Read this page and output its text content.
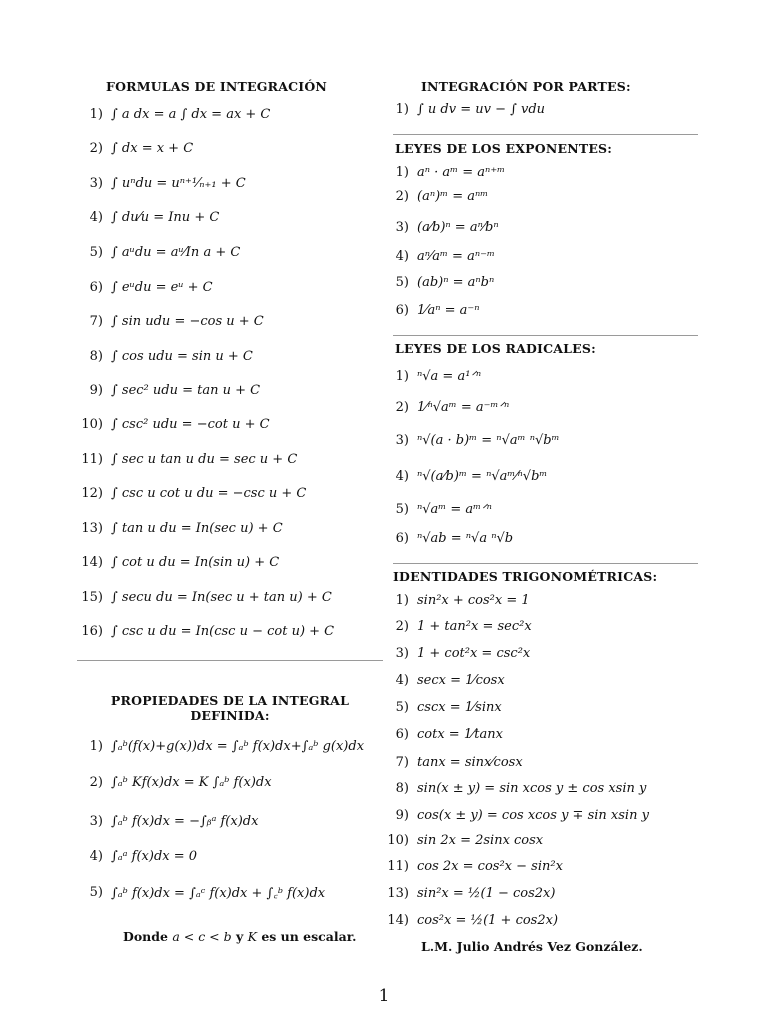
FORMULAS DE INTEGRACIÓN
1) ∫ a dx = a ∫ dx = ax + C
2) ∫ dx = x + C
3) ∫ uⁿdu = uⁿ⁺¹⁄ₙ₊₁ + C
4) ∫ du⁄u = Inu + C
5) ∫ aᵘdu = aᵘ⁄In a + C
6) ∫ eᵘdu = eᵘ + C
7) ∫ sin udu = −cos u + C
8) ∫ cos udu = sin u + C
9) ∫ sec² udu = tan u + C
10) ∫ csc² udu = −cot u + C
11) ∫ sec u tan u du = sec u + C
12) ∫ csc u cot u du = −csc u + C
13) ∫ tan u du = In(sec u) + C
14) ∫ cot u du = In(sin u) + C
15) ∫ secu du = In(sec u + tan u) + C
16) ∫ csc u du = In(csc u − cot u) + C
PROPIEDADES DE LA INTEGRAL DEFINIDA:
1) ∫ₐᵇ(f(x)+g(x))dx = ∫ₐᵇ f(x)dx+∫ₐᵇ g(x)dx
2) ∫ₐᵇ Kf(x)dx = K ∫ₐᵇ f(x)dx
3) ∫ₐᵇ f(x)dx = −∫ᵦᵃ f(x)dx
4) ∫ₐᵃ f(x)dx = 0
5) ∫ₐᵇ f(x)dx = ∫ₐᶜ f(x)dx + ∫꜀ᵇ f(x)dx
Donde a < c < b y K es un escalar.
INTEGRACIÓN POR PARTES:
1) ∫ u dv = uv − ∫ vdu
LEYES DE LOS EXPONENTES:
1) aⁿ · aᵐ = aⁿ⁺ᵐ
2) (aⁿ)ᵐ = aⁿᵐ
3) (a⁄b)ⁿ = aⁿ⁄bⁿ
4) aⁿ⁄aᵐ = aⁿ⁻ᵐ
5) (ab)ⁿ = aⁿbⁿ
6) 1⁄aⁿ = a⁻ⁿ
LEYES DE LOS RADICALES:
1) ⁿ√a = a¹ᐟⁿ
2) 1⁄ⁿ√aᵐ = a⁻ᵐᐟⁿ
3) ⁿ√(a · b)ᵐ = ⁿ√aᵐ ⁿ√bᵐ
4) ⁿ√(a⁄b)ᵐ = ⁿ√aᵐ⁄ⁿ√bᵐ
5) ⁿ√aᵐ = aᵐᐟⁿ
6) ⁿ√ab = ⁿ√a ⁿ√b
IDENTIDADES TRIGONOMÉTRICAS:
1) sin²x + cos²x = 1
2) 1 + tan²x = sec²x
3) 1 + cot²x = csc²x
4) secx = 1⁄cosx
5) cscx = 1⁄sinx
6) cotx = 1⁄tanx
7) tanx = sinx⁄cosx
8) sin(x ± y) = sin xcos y ± cos xsin y
9) cos(x ± y) = cos xcos y ∓ sin xsin y
10) sin 2x = 2sinx cosx
11) cos 2x = cos²x − sin²x
13) sin²x = ½(1 − cos2x)
14) cos²x = ½(1 + cos2x)
L.M. Julio Andrés Vez González.
1
